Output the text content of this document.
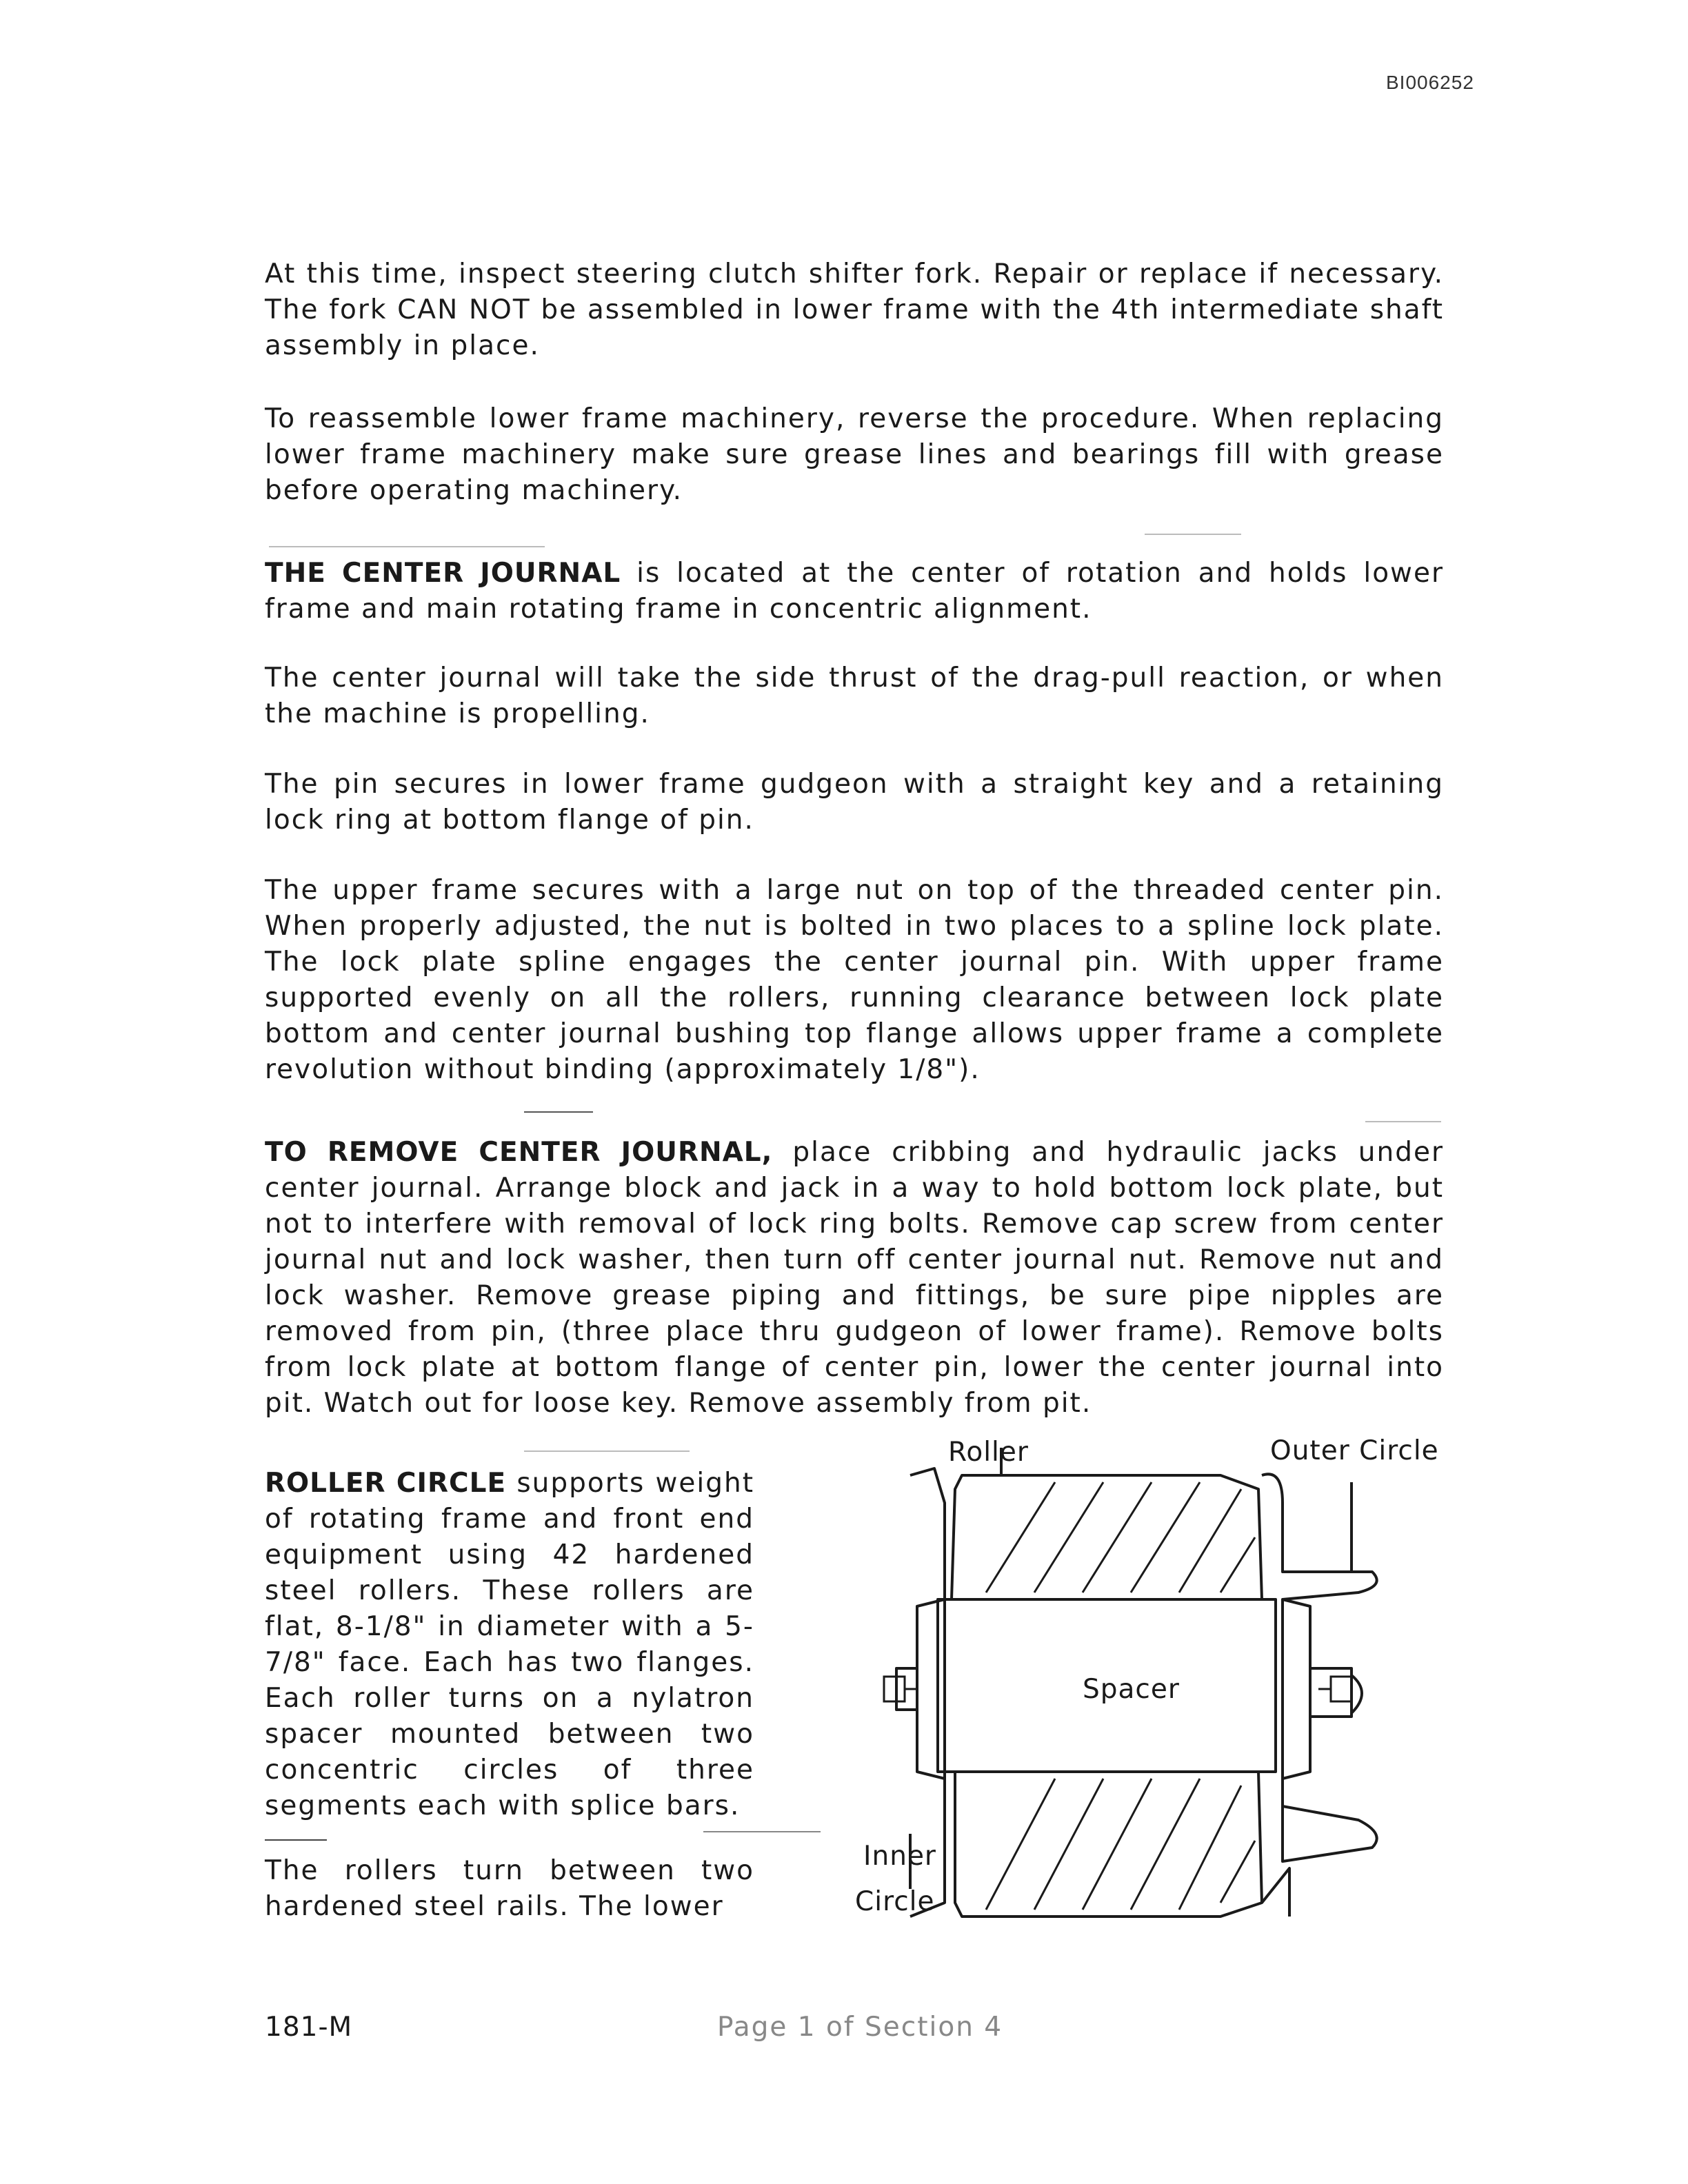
BI006252

At this time, inspect steering clutch shifter fork. Repair or replace if necessary. The fork CAN NOT be assembled in lower frame with the 4th intermediate shaft assembly in place.

To reassemble lower frame machinery, reverse the procedure. When replacing lower frame machinery make sure grease lines and bearings fill with grease before operating machinery.

THE CENTER JOURNAL is located at the center of rotation and holds lower frame and main rotating frame in concentric alignment.

The center journal will take the side thrust of the drag-pull reaction, or when the machine is propelling.

The pin secures in lower frame gudgeon with a straight key and a retaining lock ring at bottom flange of pin.

The upper frame secures with a large nut on top of the threaded center pin. When properly adjusted, the nut is bolted in two places to a spline lock plate. The lock plate spline engages the center journal pin. With upper frame supported evenly on all the rollers, running clearance between lock plate bottom and center journal bushing top flange allows upper frame a complete revolution without binding (approximately 1/8").

TO REMOVE CENTER JOURNAL, place cribbing and hydraulic jacks under center journal. Arrange block and jack in a way to hold bottom lock plate, but not to interfere with removal of lock ring bolts. Remove cap screw from center journal nut and lock washer, then turn off center journal nut. Remove nut and lock washer. Remove grease piping and fittings, be sure pipe nipples are removed from pin, (three place thru gudgeon of lower frame). Remove bolts from lock plate at bottom flange of center pin, lower the center journal into pit. Watch out for loose key. Remove assembly from pit.

ROLLER CIRCLE supports weight of rotating frame and front end equipment using 42 hardened steel rollers. These rollers are flat, 8-1/8" in diameter with a 5-7/8" face. Each has two flanges. Each roller turns on a nylatron spacer mounted between two concentric circles of three segments each with splice bars.

The rollers turn between two hardened steel rails. The lower

Roller	Outer Circle
Spacer
Inner
Circle
181-M	Page 1 of Section 4
